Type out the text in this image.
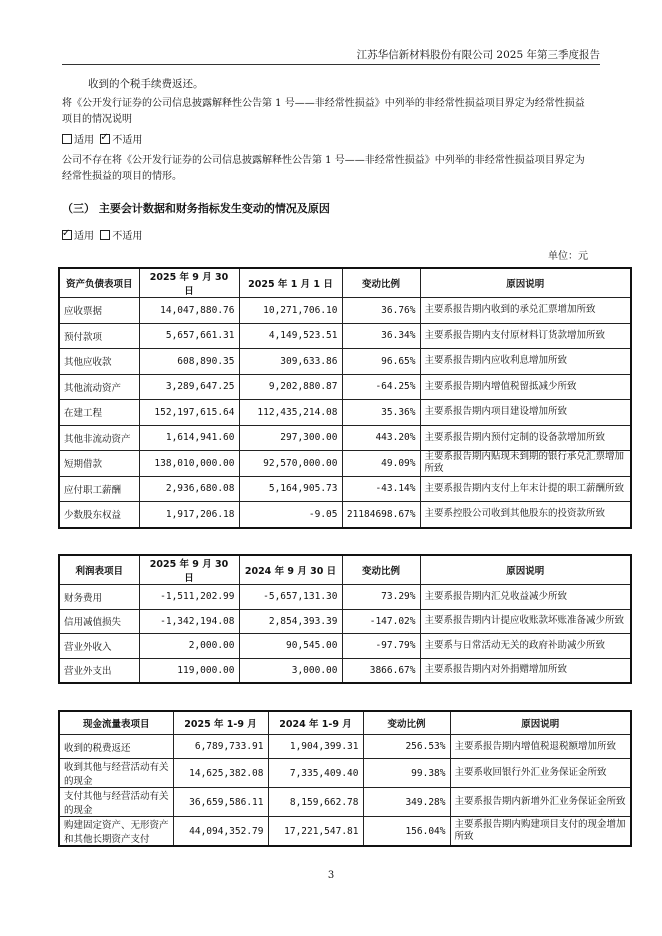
江苏华信新材料股份有限公司 2025 年第三季度报告
收到的个税手续费返还。
将《公开发行证券的公司信息披露解释性公告第 1 号——非经常性损益》中列举的非经常性损益项目界定为经常性损益
项目的情况说明
适用 ✓ 不适用
公司不存在将《公开发行证券的公司信息披露解释性公告第 1 号——非经常性损益》中列举的非经常性损益项目界定为
经常性损益的项目的情形。
（三） 主要会计数据和财务指标发生变动的情况及原因
✓适用 不适用
单位：元
资产负债表项目	2025 年 9 月 30 日	2025 年 1 月 1 日	变动比例	原因说明
应收票据	14,047,880.76	10,271,706.10	36.76%	主要系报告期内收到的承兑汇票增加所致
预付款项	5,657,661.31	4,149,523.51	36.34%	主要系报告期内支付原材料订货款增加所致
其他应收款	608,890.35	309,633.86	96.65%	主要系报告期内应收利息增加所致
其他流动资产	3,289,647.25	9,202,880.87	-64.25%	主要系报告期内增值税留抵减少所致
在建工程	152,197,615.64	112,435,214.08	35.36%	主要系报告期内项目建设增加所致
其他非流动资产	1,614,941.60	297,300.00	443.20%	主要系报告期内预付定制的设备款增加所致
短期借款	138,010,000.00	92,570,000.00	49.09%	主要系报告期内贴现未到期的银行承兑汇票增加所致
应付职工薪酬	2,936,680.08	5,164,905.73	-43.14%	主要系报告期内支付上年末计提的职工薪酬所致
少数股东权益	1,917,206.18	-9.05	21184698.67%	主要系控股公司收到其他股东的投资款所致
利润表项目	2025 年 9 月 30 日	2024 年 9 月 30 日	变动比例	原因说明
财务费用	-1,511,202.99	-5,657,131.30	73.29%	主要系报告期内汇兑收益减少所致
信用减值损失	-1,342,194.08	2,854,393.39	-147.02%	主要系报告期内计提应收账款坏账准备减少所致
营业外收入	2,000.00	90,545.00	-97.79%	主要系与日常活动无关的政府补助减少所致
营业外支出	119,000.00	3,000.00	3866.67%	主要系报告期内对外捐赠增加所致
现金流量表项目	2025 年 1-9 月	2024 年 1-9 月	变动比例	原因说明
收到的税费返还	6,789,733.91	1,904,399.31	256.53%	主要系报告期内增值税退税额增加所致
收到其他与经营活动有关的现金	14,625,382.08	7,335,409.40	99.38%	主要系收回银行外汇业务保证金所致
支付其他与经营活动有关的现金	36,659,586.11	8,159,662.78	349.28%	主要系报告期内新增外汇业务保证金所致
购建固定资产、无形资产和其他长期资产支付	44,094,352.79	17,221,547.81	156.04%	主要系报告期内购建项目支付的现金增加所致
3
